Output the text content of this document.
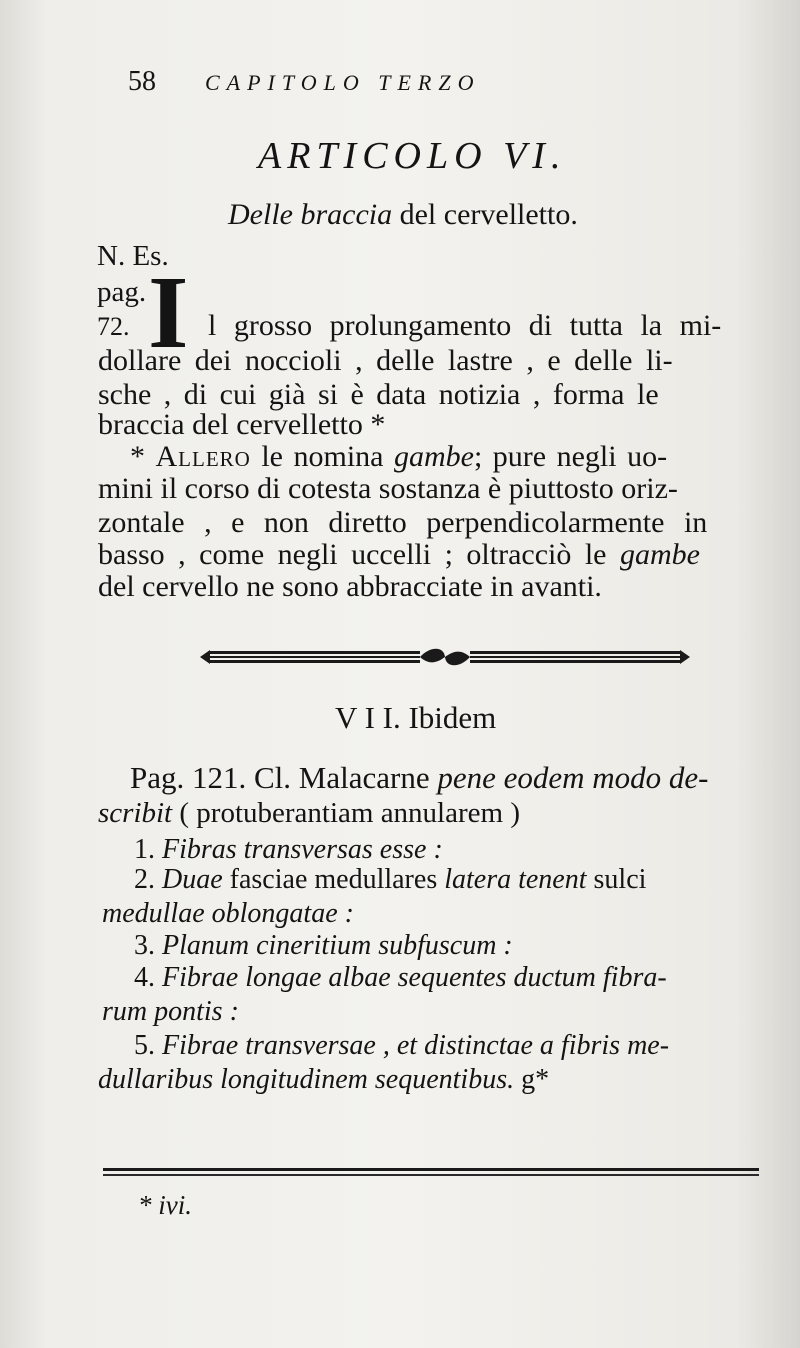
58 CAPITOLO TERZO
ARTICOLO VI.
Delle braccia del cervelletto.
N. Es.
pag.
72. I l grosso prolungamento di tutta la mi-
dollare dei noccioli , delle lastre , e delle li-
sche , di cui già si è data notizia , forma le
braccia del cervelletto *
* Allero le nomina gambe; pure negli uo-
mini il corso di cotesta sostanza è piuttosto oriz-
zontale , e non diretto perpendicolarmente in
basso , come negli uccelli ; oltracciò le gambe
del cervello ne sono abbracciate in avanti.
V I I. Ibidem
Pag. 121. Cl. Malacarne pene eodem modo de-
scribit ( protuberantiam annularem )
1. Fibras transversas esse :
2. Duae fasciae medullares latera tenent sulci
medullae oblongatae :
3. Planum cineritium subfuscum :
4. Fibrae longae albae sequentes ductum fibra-
rum pontis :
5. Fibrae transversae , et distinctae a fibris me-
dullaribus longitudinem sequentibus. g*
* ivi.
